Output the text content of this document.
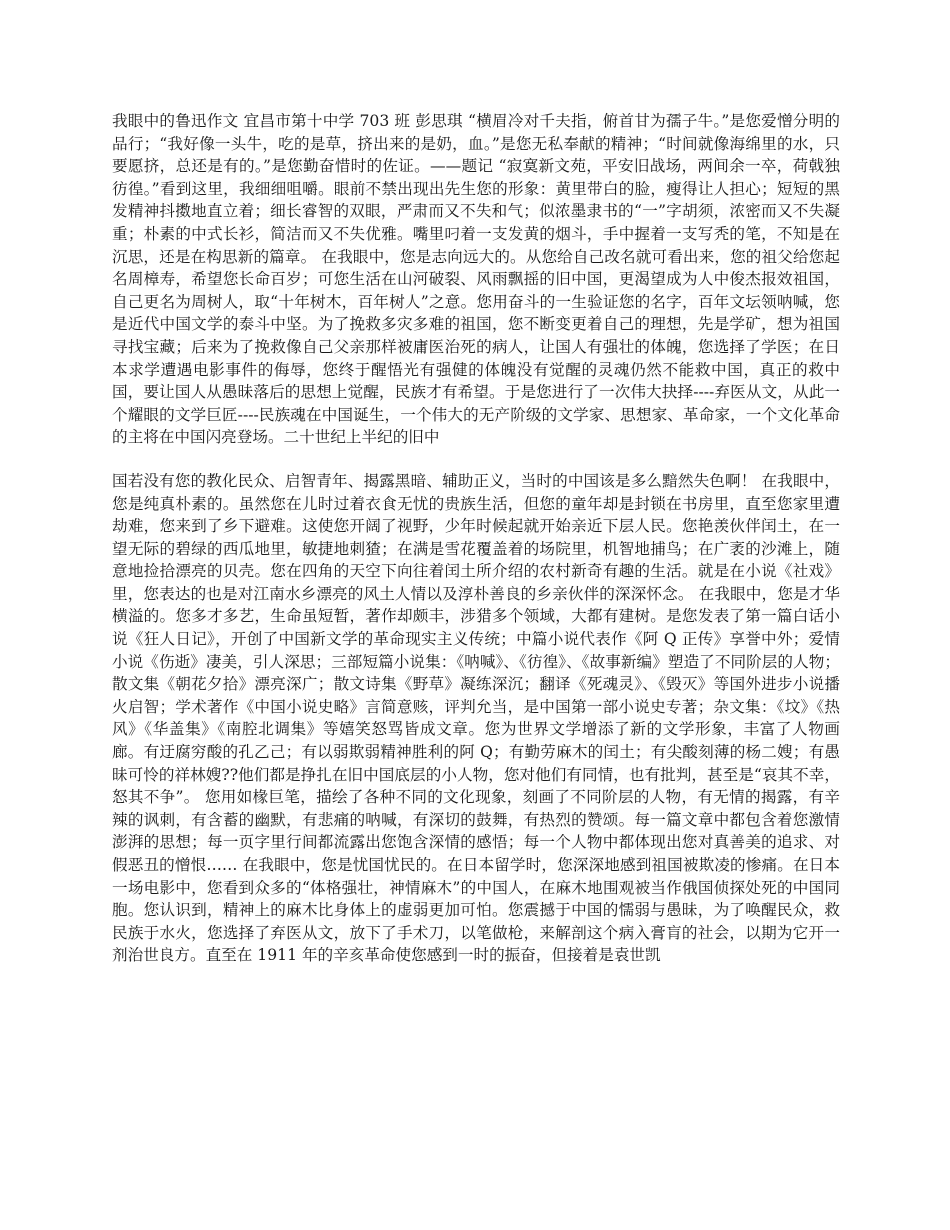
我眼中的鲁迅作文 宜昌市第十中学 703 班 彭思琪 “横眉冷对千夫指，俯首甘为孺子牛。”是您爱憎分明的品行；“我好像一头牛，吃的是草，挤出来的是奶，血。”是您无私奉献的精神；“时间就像海绵里的水，只要愿挤，总还是有的。”是您勤奋惜时的佐证。——题记 “寂寞新文苑，平安旧战场，两间余一卒，荷戟独彷徨。”看到这里，我细细咀嚼。眼前不禁出现出先生您的形象：黄里带白的脸，瘦得让人担心；短短的黑发精神抖擞地直立着；细长睿智的双眼，严肃而又不失和气；似浓墨隶书的“一”字胡须，浓密而又不失凝重；朴素的中式长衫，简洁而又不失优雅。嘴里叼着一支发黄的烟斗，手中握着一支写秃的笔，不知是在沉思，还是在构思新的篇章。 在我眼中，您是志向远大的。从您给自己改名就可看出来，您的祖父给您起名周樟寿，希望您长命百岁；可您生活在山河破裂、风雨飘摇的旧中国，更渴望成为人中俊杰报效祖国，自己更名为周树人，取“十年树木，百年树人”之意。您用奋斗的一生验证您的名字，百年文坛领呐喊，您是近代中国文学的泰斗中坚。为了挽救多灾多难的祖国，您不断变更着自己的理想，先是学矿，想为祖国寻找宝藏；后来为了挽救像自己父亲那样被庸医治死的病人，让国人有强壮的体魄，您选择了学医；在日本求学遭遇电影事件的侮辱，您终于醒悟光有强健的体魄没有觉醒的灵魂仍然不能救中国，真正的救中国，要让国人从愚昧落后的思想上觉醒，民族才有希望。于是您进行了一次伟大抉择----弃医从文，从此一个耀眼的文学巨匠----民族魂在中国诞生，一个伟大的无产阶级的文学家、思想家、革命家，一个文化革命的主将在中国闪亮登场。二十世纪上半纪的旧中

国若没有您的教化民众、启智青年、揭露黑暗、辅助正义，当时的中国该是多么黯然失色啊！ 在我眼中，您是纯真朴素的。虽然您在儿时过着衣食无忧的贵族生活，但您的童年却是封锁在书房里，直至您家里遭劫难，您来到了乡下避难。这使您开阔了视野，少年时候起就开始亲近下层人民。您艳羡伙伴闰土，在一望无际的碧绿的西瓜地里，敏捷地刺猹；在满是雪花覆盖着的场院里，机智地捕鸟；在广袤的沙滩上，随意地捡拾漂亮的贝壳。您在四角的天空下向往着闰土所介绍的农村新奇有趣的生活。就是在小说《社戏》里，您表达的也是对江南水乡漂亮的风土人情以及淳朴善良的乡亲伙伴的深深怀念。 在我眼中，您是才华横溢的。您多才多艺，生命虽短暂，著作却颇丰，涉猎多个领域，大都有建树。是您发表了第一篇白话小说《狂人日记》，开创了中国新文学的革命现实主义传统；中篇小说代表作《阿 Q 正传》享誉中外；爱情小说《伤逝》凄美，引人深思；三部短篇小说集：《呐喊》、《彷徨》、《故事新编》塑造了不同阶层的人物；散文集《朝花夕拾》漂亮深广；散文诗集《野草》凝练深沉；翻译《死魂灵》、《毁灭》等国外进步小说播火启智；学术著作《中国小说史略》言简意赅，评判允当，是中国第一部小说史专著；杂文集：《坟》《热风》《华盖集》《南腔北调集》等嬉笑怒骂皆成文章。您为世界文学增添了新的文学形象，丰富了人物画廊。有迂腐穷酸的孔乙己；有以弱欺弱精神胜利的阿 Q；有勤劳麻木的闰土；有尖酸刻薄的杨二嫂；有愚昧可怜的祥林嫂??他们都是挣扎在旧中国底层的小人物，您对他们有同情，也有批判，甚至是“哀其不幸，怒其不争”。 您用如椽巨笔，描绘了各种不同的文化现象，刻画了不同阶层的人物，有无情的揭露，有辛辣的讽刺，有含蓄的幽默，有悲痛的呐喊，有深切的鼓舞，有热烈的赞颂。每一篇文章中都包含着您激情澎湃的思想；每一页字里行间都流露出您饱含深情的感悟；每一个人物中都体现出您对真善美的追求、对假恶丑的憎恨…… 在我眼中，您是忧国忧民的。在日本留学时，您深深地感到祖国被欺凌的惨痛。在日本一场电影中，您看到众多的“体格强壮，神情麻木”的中国人，在麻木地围观被当作俄国侦探处死的中国同胞。您认识到，精神上的麻木比身体上的虚弱更加可怕。您震撼于中国的懦弱与愚昧，为了唤醒民众，救民族于水火，您选择了弃医从文，放下了手术刀，以笔做枪，来解剖这个病入膏肓的社会，以期为它开一剂治世良方。直至在 1911 年的辛亥革命使您感到一时的振奋，但接着是袁世凯
